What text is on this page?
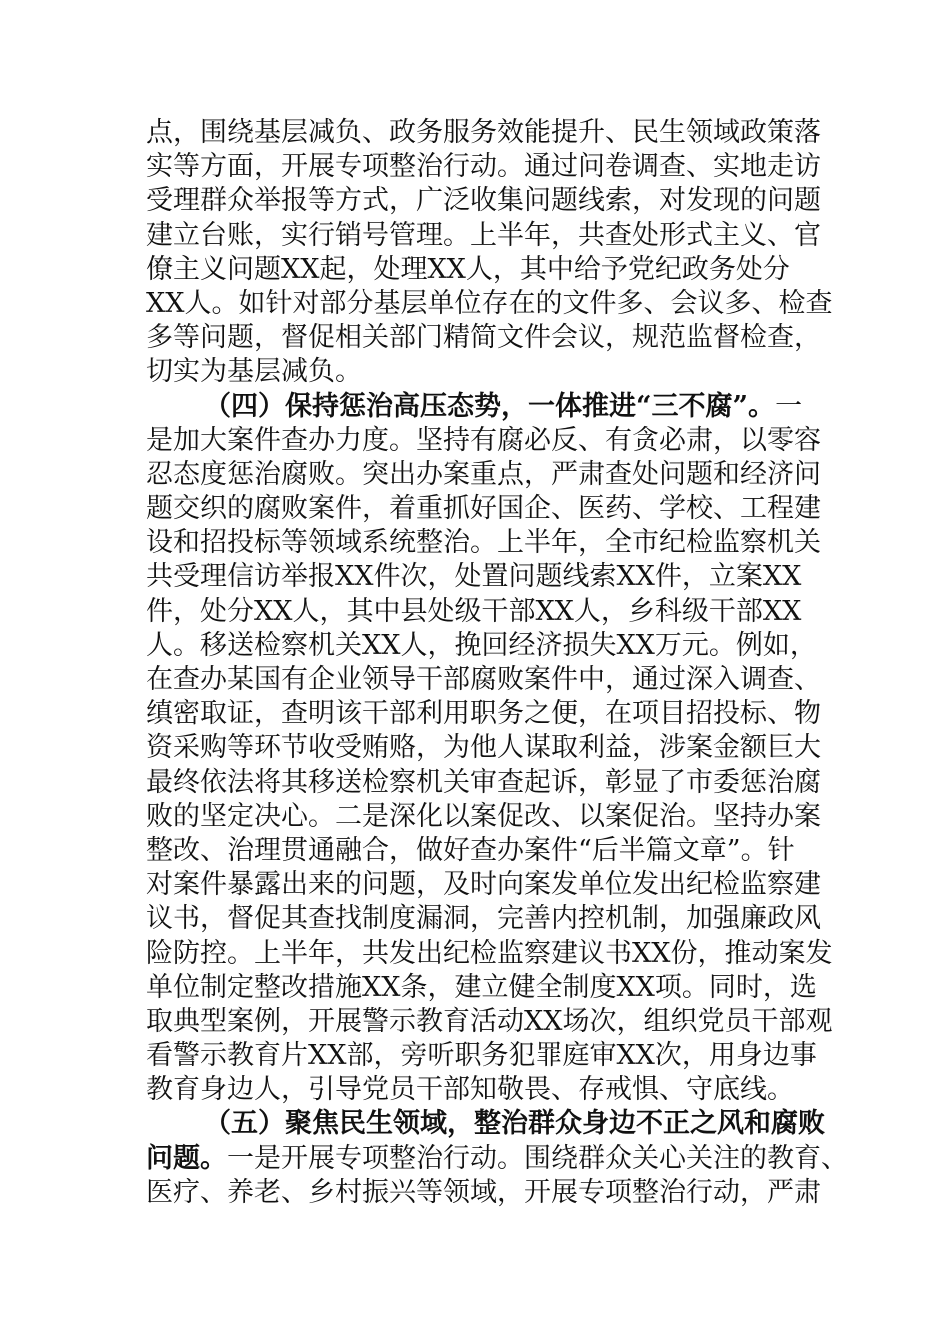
点，围绕基层减负、政务服务效能提升、民生领域政策落
实等方面，开展专项整治行动。通过问卷调查、实地走访
受理群众举报等方式，广泛收集问题线索，对发现的问题
建立台账，实行销号管理。上半年，共查处形式主义、官
僚主义问题XX起，处理XX人，其中给予党纪政务处分
XX人。如针对部分基层单位存在的文件多、会议多、检查
多等问题，督促相关部门精简文件会议，规范监督检查，
切实为基层减负。
（四）保持惩治高压态势，一体推进“三不腐”。一
是加大案件查办力度。坚持有腐必反、有贪必肃，以零容
忍态度惩治腐败。突出办案重点，严肃查处问题和经济问
题交织的腐败案件，着重抓好国企、医药、学校、工程建
设和招投标等领域系统整治。上半年，全市纪检监察机关
共受理信访举报XX件次，处置问题线索XX件，立案XX
件，处分XX人，其中县处级干部XX人，乡科级干部XX
人。移送检察机关XX人，挽回经济损失XX万元。例如，
在查办某国有企业领导干部腐败案件中，通过深入调查、
缜密取证，查明该干部利用职务之便，在项目招投标、物
资采购等环节收受贿赂，为他人谋取利益，涉案金额巨大
最终依法将其移送检察机关审查起诉，彰显了市委惩治腐
败的坚定决心。二是深化以案促改、以案促治。坚持办案
整改、治理贯通融合，做好查办案件“后半篇文章”。针
对案件暴露出来的问题，及时向案发单位发出纪检监察建
议书，督促其查找制度漏洞，完善内控机制，加强廉政风
险防控。上半年，共发出纪检监察建议书XX份，推动案发
单位制定整改措施XX条，建立健全制度XX项。同时，选
取典型案例，开展警示教育活动XX场次，组织党员干部观
看警示教育片XX部，旁听职务犯罪庭审XX次，用身边事
教育身边人，引导党员干部知敬畏、存戒惧、守底线。
（五）聚焦民生领域，整治群众身边不正之风和腐败
问题。一是开展专项整治行动。围绕群众关心关注的教育、
医疗、养老、乡村振兴等领域，开展专项整治行动，严肃
